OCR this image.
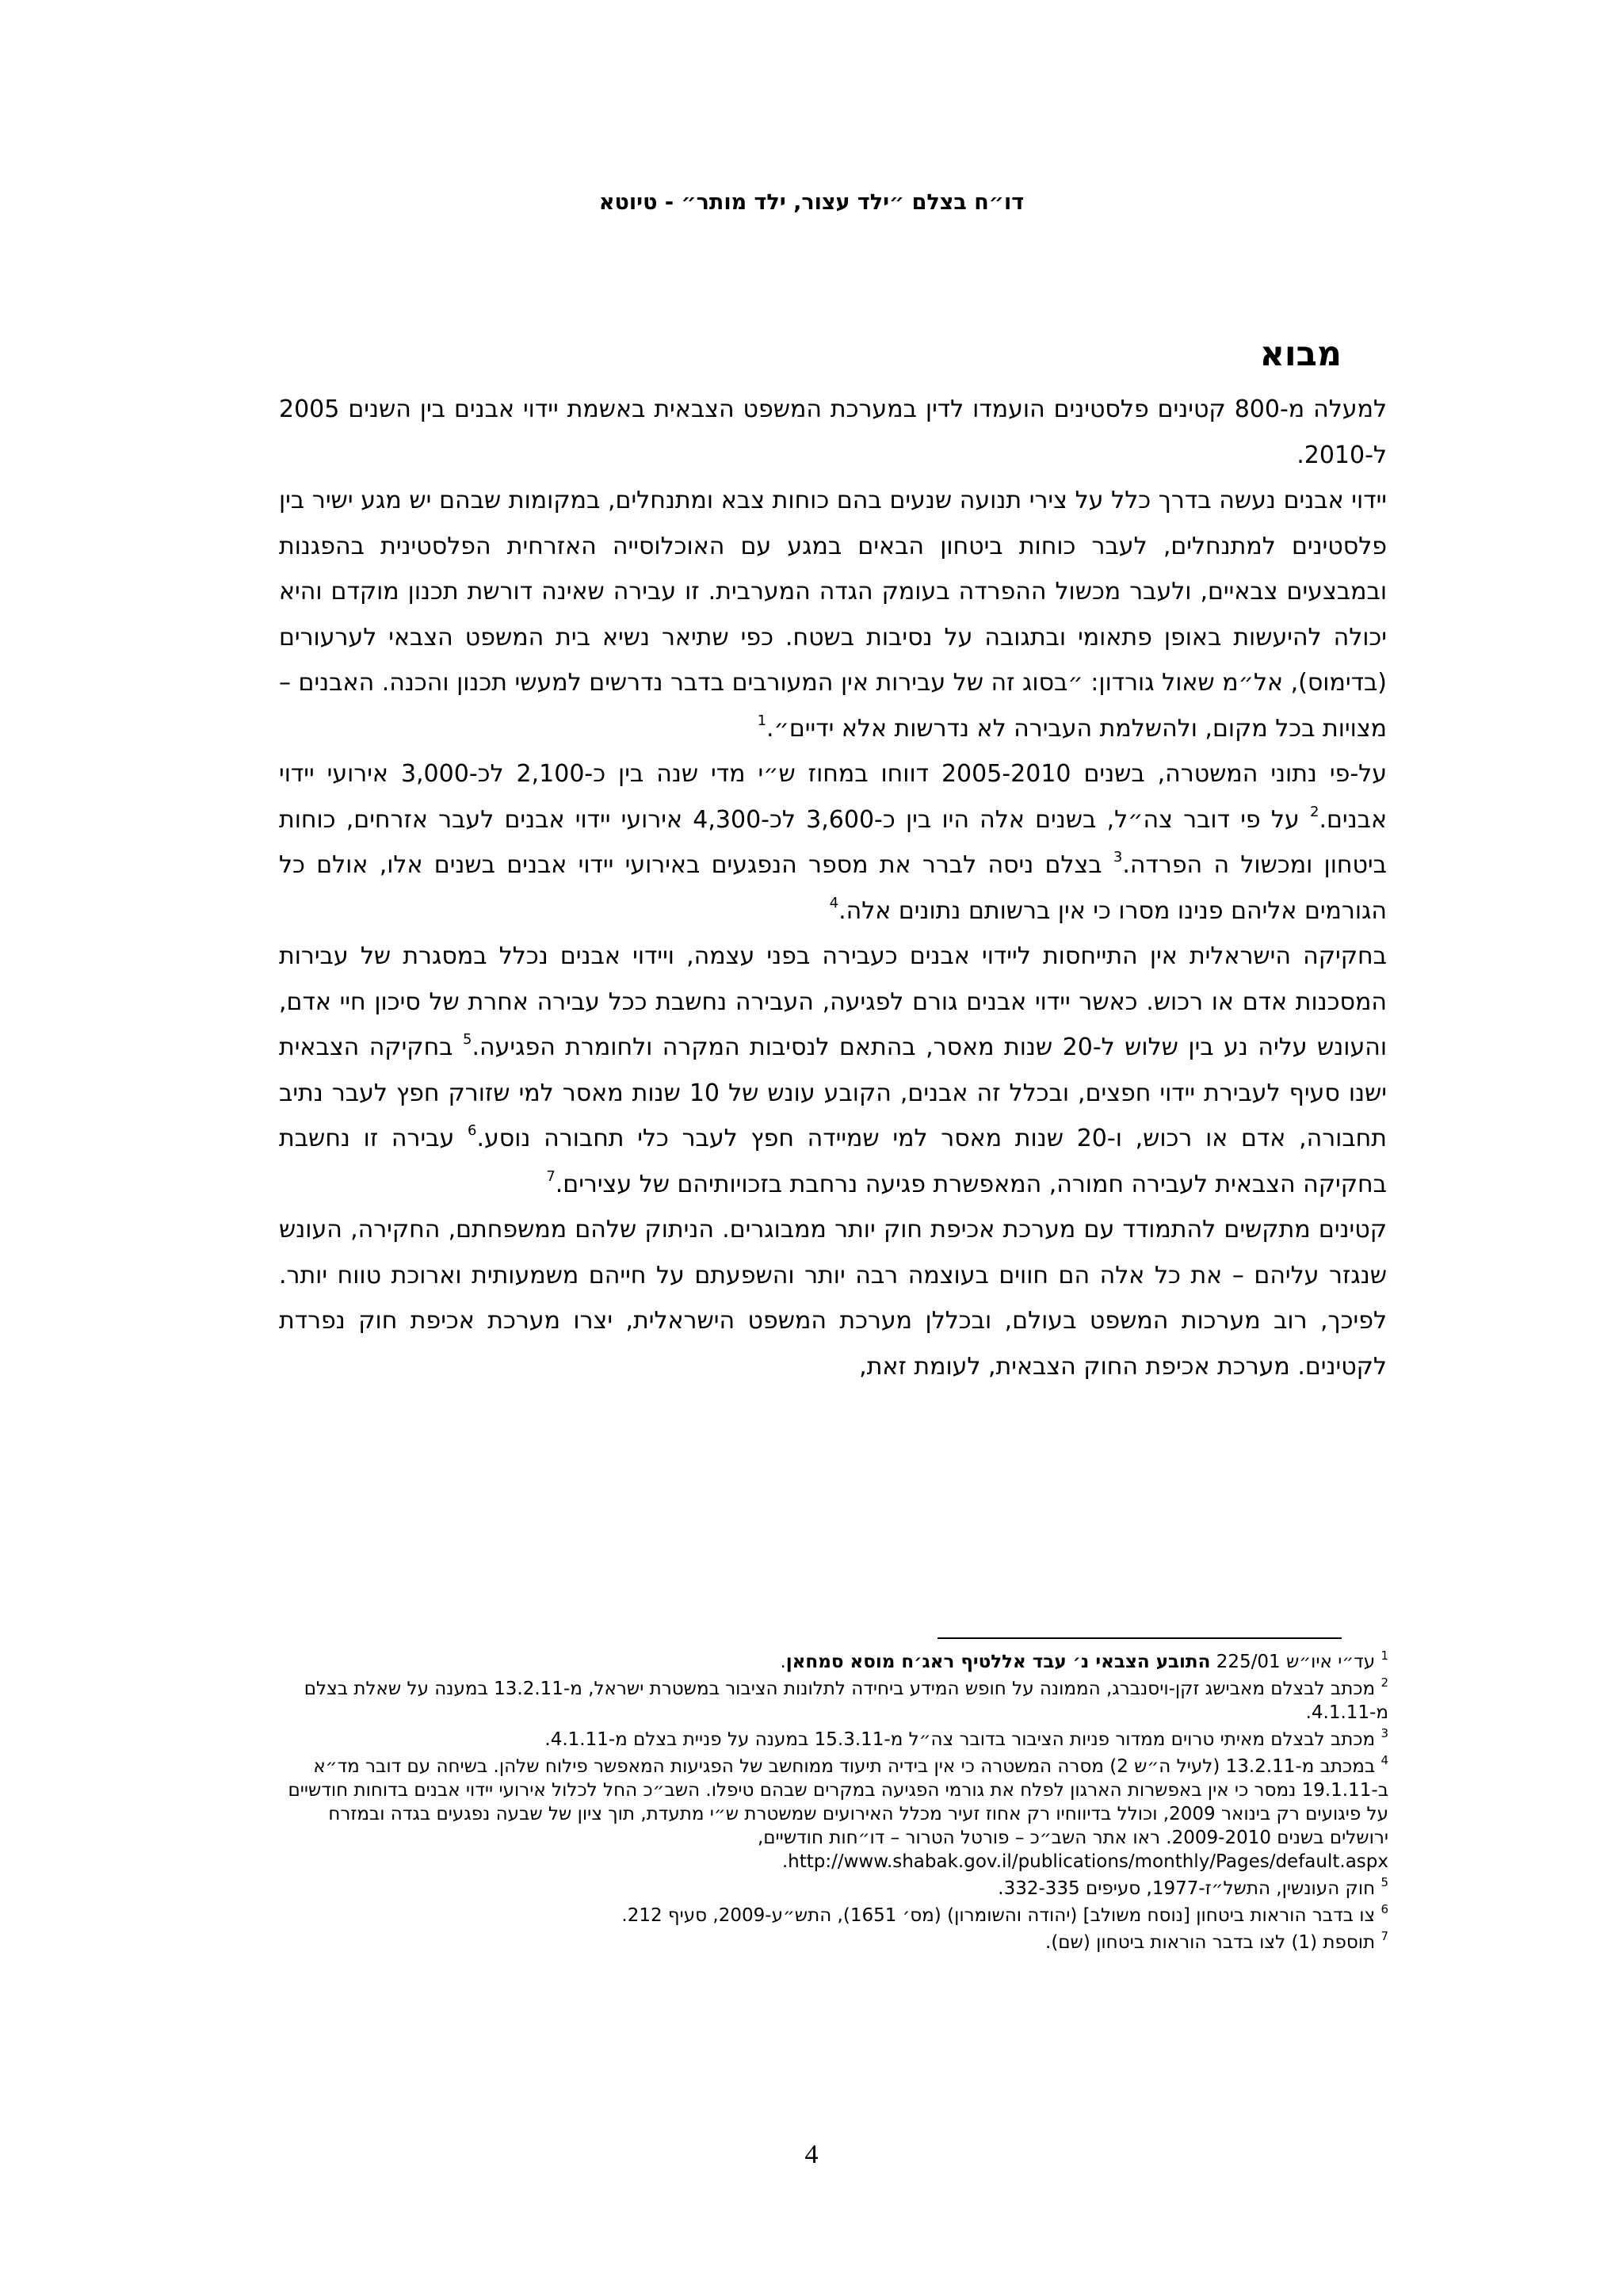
דו״ח בצלם ״ילד עצור, ילד מותר״ - טיוטא
מבוא

למעלה מ-800 קטינים פלסטינים הועמדו לדין במערכת המשפט הצבאית באשמת יידוי אבנים בין השנים 2005 ל-2010.

יידוי אבנים נעשה בדרך כלל על צירי תנועה שנעים בהם כוחות צבא ומתנחלים, במקומות שבהם יש מגע ישיר בין פלסטינים למתנחלים, לעבר כוחות ביטחון הבאים במגע עם האוכלוסייה האזרחית הפלסטינית בהפגנות ובמבצעים צבאיים, ולעבר מכשול ההפרדה בעומק הגדה המערבית. זו עבירה שאינה דורשת תכנון מוקדם והיא יכולה להיעשות באופן פתאומי ובתגובה על נסיבות בשטח. כפי שתיאר נשיא בית המשפט הצבאי לערעורים (בדימוס), אל״מ שאול גורדון: ״בסוג זה של עבירות אין המעורבים בדבר נדרשים למעשי תכנון והכנה. האבנים – מצויות בכל מקום, ולהשלמת העבירה לא נדרשות אלא ידיים״.$^1$

על-פי נתוני המשטרה, בשנים 2005-2010 דווחו במחוז ש״י מדי שנה בין כ-2,100 לכ-3,000 אירועי יידוי אבנים.$^2$ על פי דובר צה״ל, בשנים אלה היו בין כ-3,600 לכ-4,300 אירועי יידוי אבנים לעבר אזרחים, כוחות ביטחון ומכשול ה הפרדה.$^3$ בצלם ניסה לברר את מספר הנפגעים באירועי יידוי אבנים בשנים אלו, אולם כל הגורמים אליהם פנינו מסרו כי אין ברשותם נתונים אלה.$^4$

בחקיקה הישראלית אין התייחסות ליידוי אבנים כעבירה בפני עצמה, ויידוי אבנים נכלל במסגרת של עבירות המסכנות אדם או רכוש. כאשר יידוי אבנים גורם לפגיעה, העבירה נחשבת ככל עבירה אחרת של סיכון חיי אדם, והעונש עליה נע בין שלוש ל-20 שנות מאסר, בהתאם לנסיבות המקרה ולחומרת הפגיעה.$^5$ בחקיקה הצבאית ישנו סעיף לעבירת יידוי חפצים, ובכלל זה אבנים, הקובע עונש של 10 שנות מאסר למי שזורק חפץ לעבר נתיב תחבורה, אדם או רכוש, ו-20 שנות מאסר למי שמיידה חפץ לעבר כלי תחבורה נוסע.$^6$ עבירה זו נחשבת בחקיקה הצבאית לעבירה חמורה, המאפשרת פגיעה נרחבת בזכויותיהם של עצירים.$^7$

קטינים מתקשים להתמודד עם מערכת אכיפת חוק יותר ממבוגרים. הניתוק שלהם ממשפחתם, החקירה, העונש שנגזר עליהם – את כל אלה הם חווים בעוצמה רבה יותר והשפעתם על חייהם משמעותית וארוכת טווח יותר. לפיכך, רוב מערכות המשפט בעולם, ובכללן מערכת המשפט הישראלית, יצרו מערכת אכיפת חוק נפרדת לקטינים. מערכת אכיפת החוק הצבאית, לעומת זאת,

$^1$ עד״י איו״ש 225/01 התובע הצבאי נ׳ עבד אללטיף ראג׳ח מוסא סמחאן.

$^2$ מכתב לבצלם מאבישג זקן-ויסנברג, הממונה על חופש המידע ביחידה לתלונות הציבור במשטרת ישראל, מ-13.2.11 במענה על שאלת בצלם מ-4.1.11.

$^3$ מכתב לבצלם מאיתי טרוים ממדור פניות הציבור בדובר צה״ל מ-15.3.11 במענה על פניית בצלם מ-4.1.11.

$^4$ במכתב מ-13.2.11 (לעיל ה״ש 2) מסרה המשטרה כי אין בידיה תיעוד ממוחשב של הפגיעות המאפשר פילוח שלהן. בשיחה עם דובר מד״א ב-19.1.11 נמסר כי אין באפשרות הארגון לפלח את גורמי הפגיעה במקרים שבהם טיפלו. השב״כ החל לכלול אירועי יידוי אבנים בדוחות חודשיים על פיגועים רק בינואר 2009, וכולל בדיווחיו רק אחוז זעיר מכלל האירועים שמשטרת ש״י מתעדת, תוך ציון של שבעה נפגעים בגדה ובמזרח ירושלים בשנים 2009-2010. ראו אתר השב״כ – פורטל הטרור – דו״חות חודשיים, http://www.shabak.gov.il/publications/monthly/Pages/default.aspx.

$^5$ חוק העונשין, התשל״ז-1977, סעיפים 332-335.

$^6$ צו בדבר הוראות ביטחון [נוסח משולב] (יהודה והשומרון) (מס׳ 1651), התש״ע-2009, סעיף 212.

$^7$ תוספת (1) לצו בדבר הוראות ביטחון (שם).

4
